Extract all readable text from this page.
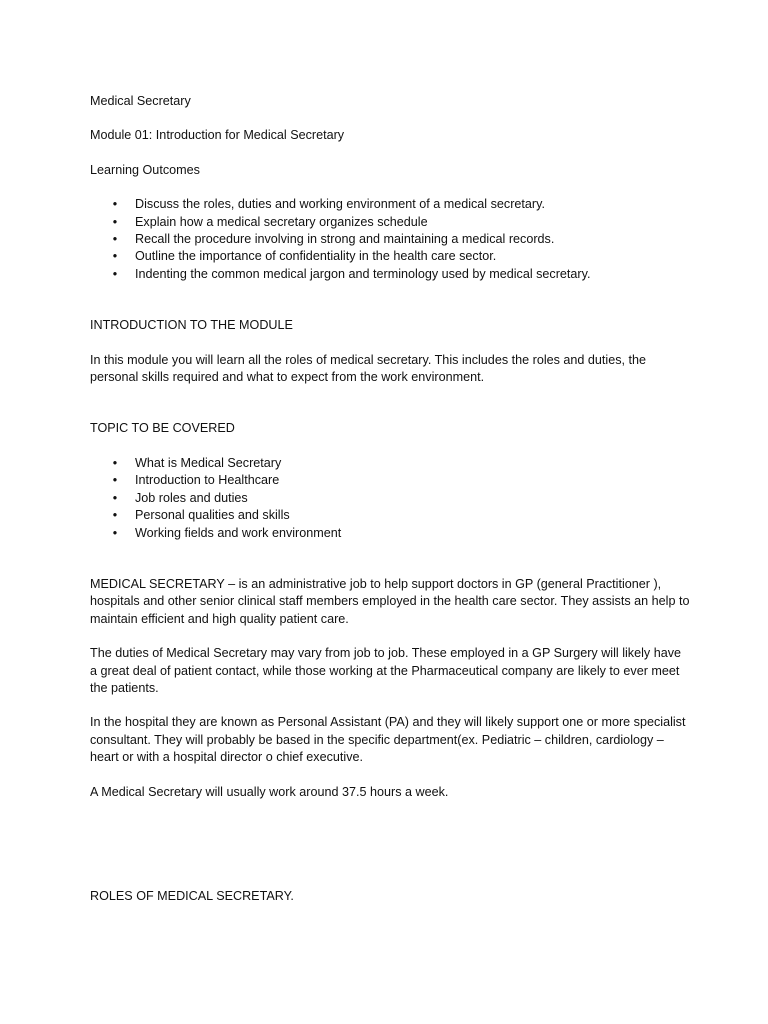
Medical Secretary

Module 01: Introduction for Medical Secretary

Learning Outcomes

• Discuss the roles, duties and working environment of a medical secretary.
• Explain how a medical secretary organizes schedule
• Recall the procedure involving in strong and maintaining a medical records.
• Outline the importance of confidentiality in the health care sector.
• Indenting the common medical jargon and terminology used by medical secretary.

INTRODUCTION TO THE MODULE

In this module you will learn all the roles of medical secretary. This includes the roles and duties, the personal skills required and what to expect from the work environment.

TOPIC TO BE COVERED

• What is Medical Secretary
• Introduction to Healthcare
• Job roles and duties
• Personal qualities and skills
• Working fields and work environment

MEDICAL SECRETARY – is an administrative job to help support doctors in GP (general Practitioner ), hospitals and other senior clinical staff members employed in the health care sector. They assists an help to maintain efficient and high quality patient care.

The duties of Medical Secretary may vary from job to job. These employed in a GP Surgery will likely have a great deal of patient contact, while those working at the Pharmaceutical company are likely to ever meet the patients.

In the hospital they are known as Personal Assistant (PA) and they will likely support one or more specialist consultant. They will probably be based in the specific department(ex. Pediatric – children, cardiology – heart or with a hospital director o chief executive.

A Medical Secretary will usually work around 37.5 hours a week.

ROLES OF MEDICAL SECRETARY.
